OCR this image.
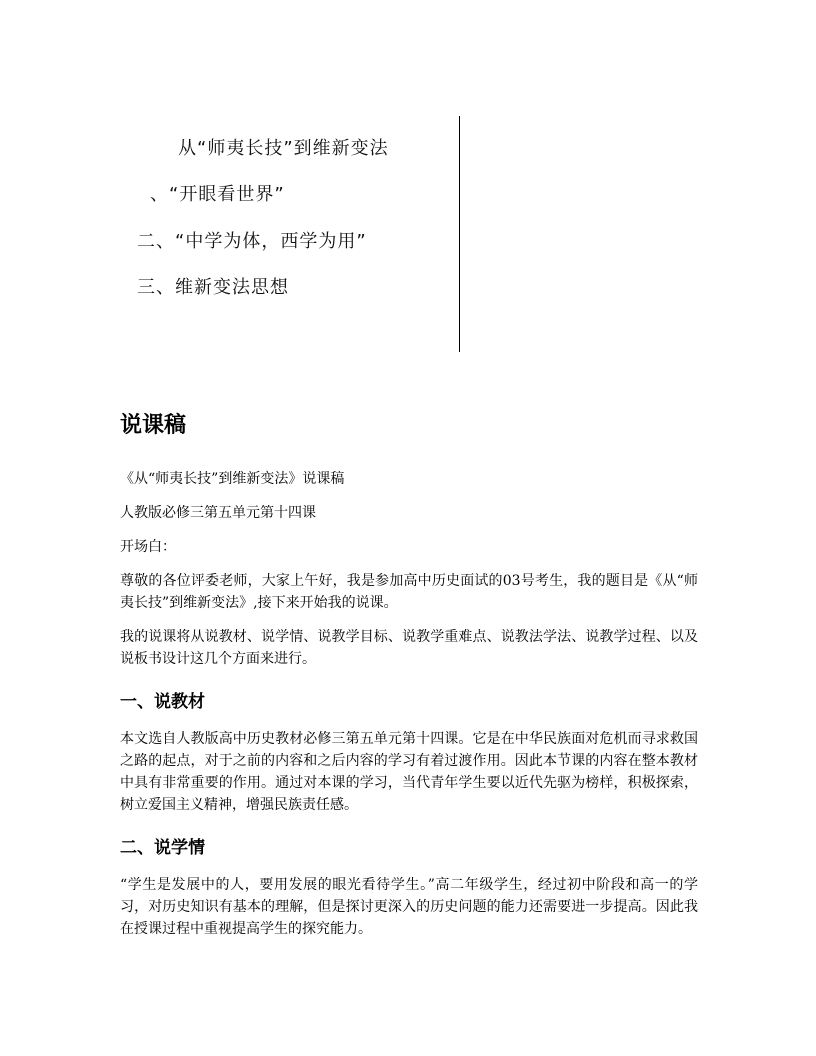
从“师夷长技”到维新变法
、“开眼看世界”
二、“中学为体，西学为用”
三、维新变法思想
说课稿

《从“师夷长技”到维新变法》说课稿

人教版必修三第五单元第十四课

开场白：

尊敬的各位评委老师，大家上午好，我是参加高中历史面试的03号考生，我的题目是《从“师夷长技”到维新变法》,接下来开始我的说课。

我的说课将从说教材、说学情、说教学目标、说教学重难点、说教法学法、说教学过程、以及说板书设计这几个方面来进行。

一、说教材

本文选自人教版高中历史教材必修三第五单元第十四课。它是在中华民族面对危机而寻求救国之路的起点，对于之前的内容和之后内容的学习有着过渡作用。因此本节课的内容在整本教材中具有非常重要的作用。通过对本课的学习，当代青年学生要以近代先驱为榜样，积极探索，树立爱国主义精神，增强民族责任感。

二、说学情

“学生是发展中的人，要用发展的眼光看待学生。”高二年级学生，经过初中阶段和高一的学习，对历史知识有基本的理解，但是探讨更深入的历史问题的能力还需要进一步提高。因此我在授课过程中重视提高学生的探究能力。
